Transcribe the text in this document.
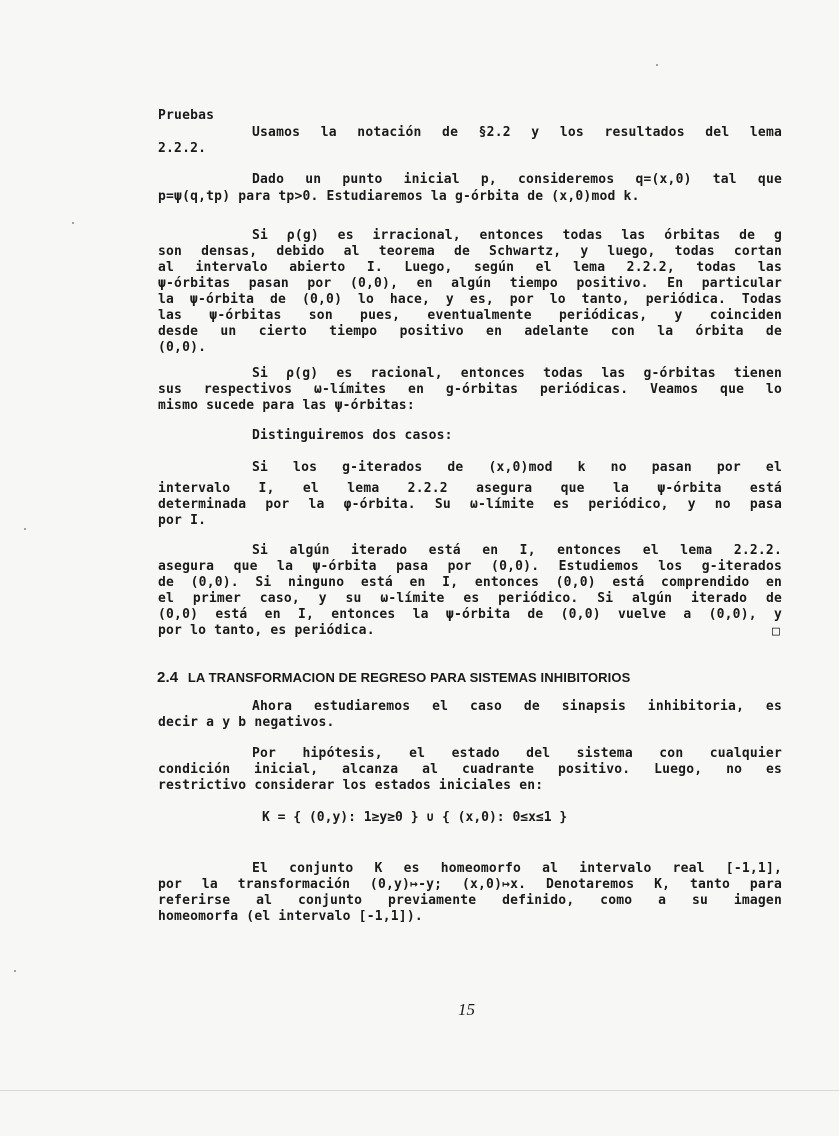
Pruebas
Usamos la notación de §2.2 y los resultados del lema
2.2.2.
Dado un punto inicial p, consideremos q=(x,0) tal que
p=ψ(q,tp) para tp>0. Estudiaremos la g-órbita de (x,0)mod k.
Si ρ(g) es irracional, entonces todas las órbitas de g
son densas, debido al teorema de Schwartz, y luego, todas cortan
al intervalo abierto I. Luego, según el lema 2.2.2, todas las
ψ-órbitas pasan por (0,0), en algún tiempo positivo. En particular
la ψ-órbita de (0,0) lo hace, y es, por lo tanto, periódica. Todas
las ψ-órbitas son pues, eventualmente periódicas, y coinciden
desde un cierto tiempo positivo en adelante con la órbita de
(0,0).
Si ρ(g) es racional, entonces todas las g-órbitas tienen
sus respectivos ω-límites en g-órbitas periódicas. Veamos que lo
mismo sucede para las ψ-órbitas:
Distinguiremos dos casos:
Si los g-iterados de (x,0)mod k no pasan por el
intervalo I, el lema 2.2.2 asegura que la ψ-órbita está
determinada por la φ-órbita. Su ω-límite es periódico, y no pasa
por I.
Si algún iterado está en I, entonces el lema 2.2.2.
asegura que la ψ-órbita pasa por (0,0). Estudiemos los g-iterados
de (0,0). Si ninguno está en I, entonces (0,0) está comprendido en
el primer caso, y su ω-límite es periódico. Si algún iterado de
(0,0) está en I, entonces la ψ-órbita de (0,0) vuelve a (0,0), y
por lo tanto, es periódica.	□
2.4 LA TRANSFORMACION DE REGRESO PARA SISTEMAS INHIBITORIOS
Ahora estudiaremos el caso de sinapsis inhibitoria, es
decir a y b negativos.
Por hipótesis, el estado del sistema con cualquier
condición inicial, alcanza al cuadrante positivo. Luego, no es
restrictivo considerar los estados iniciales en:
K = { (0,y): 1≥y≥0 } ∪ { (x,0): 0≤x≤1 }
El conjunto K es homeomorfo al intervalo real [-1,1],
por la transformación (0,y)↦-y; (x,0)↦x. Denotaremos K, tanto para
referirse al conjunto previamente definido, como a su imagen
homeomorfa (el intervalo [-1,1]).
15
